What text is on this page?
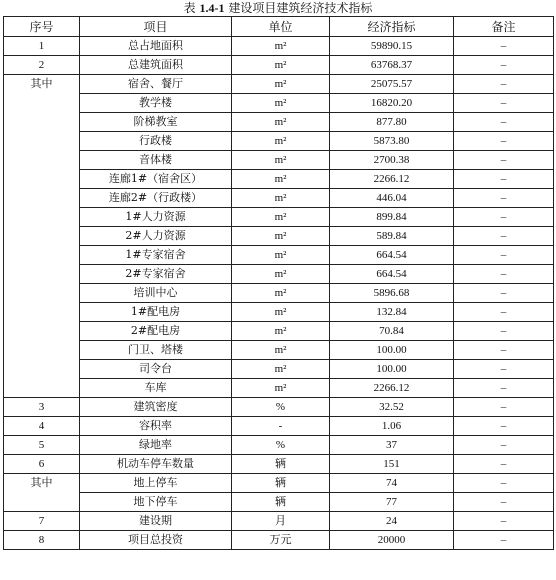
表 1.4-1 建设项目建筑经济技术指标
序号	项目	单位	经济指标	备注
1	总占地面积	m²	59890.15	–
2	总建筑面积	m²	63768.37	–
其中	宿舍、餐厅	m²	25075.57	–
	教学楼	m²	16820.20	–
	阶梯教室	m²	877.80	–
	行政楼	m²	5873.80	–
	音体楼	m²	2700.38	–
	连廊1#（宿舍区）	m²	2266.12	–
	连廊2#（行政楼）	m²	446.04	–
	1#人力资源	m²	899.84	–
	2#人力资源	m²	589.84	–
	1#专家宿舍	m²	664.54	–
	2#专家宿舍	m²	664.54	–
	培训中心	m²	5896.68	–
	1#配电房	m²	132.84	–
	2#配电房	m²	70.84	–
	门卫、塔楼	m²	100.00	–
	司令台	m²	100.00	–
	车库	m²	2266.12	–
3	建筑密度	%	32.52	–
4	容积率	-	1.06	–
5	绿地率	%	37	–
6	机动车停车数量	辆	151	–
其中	地上停车	辆	74	–
	地下停车	辆	77	–
7	建设期	月	24	–
8	项目总投资	万元	20000	–
